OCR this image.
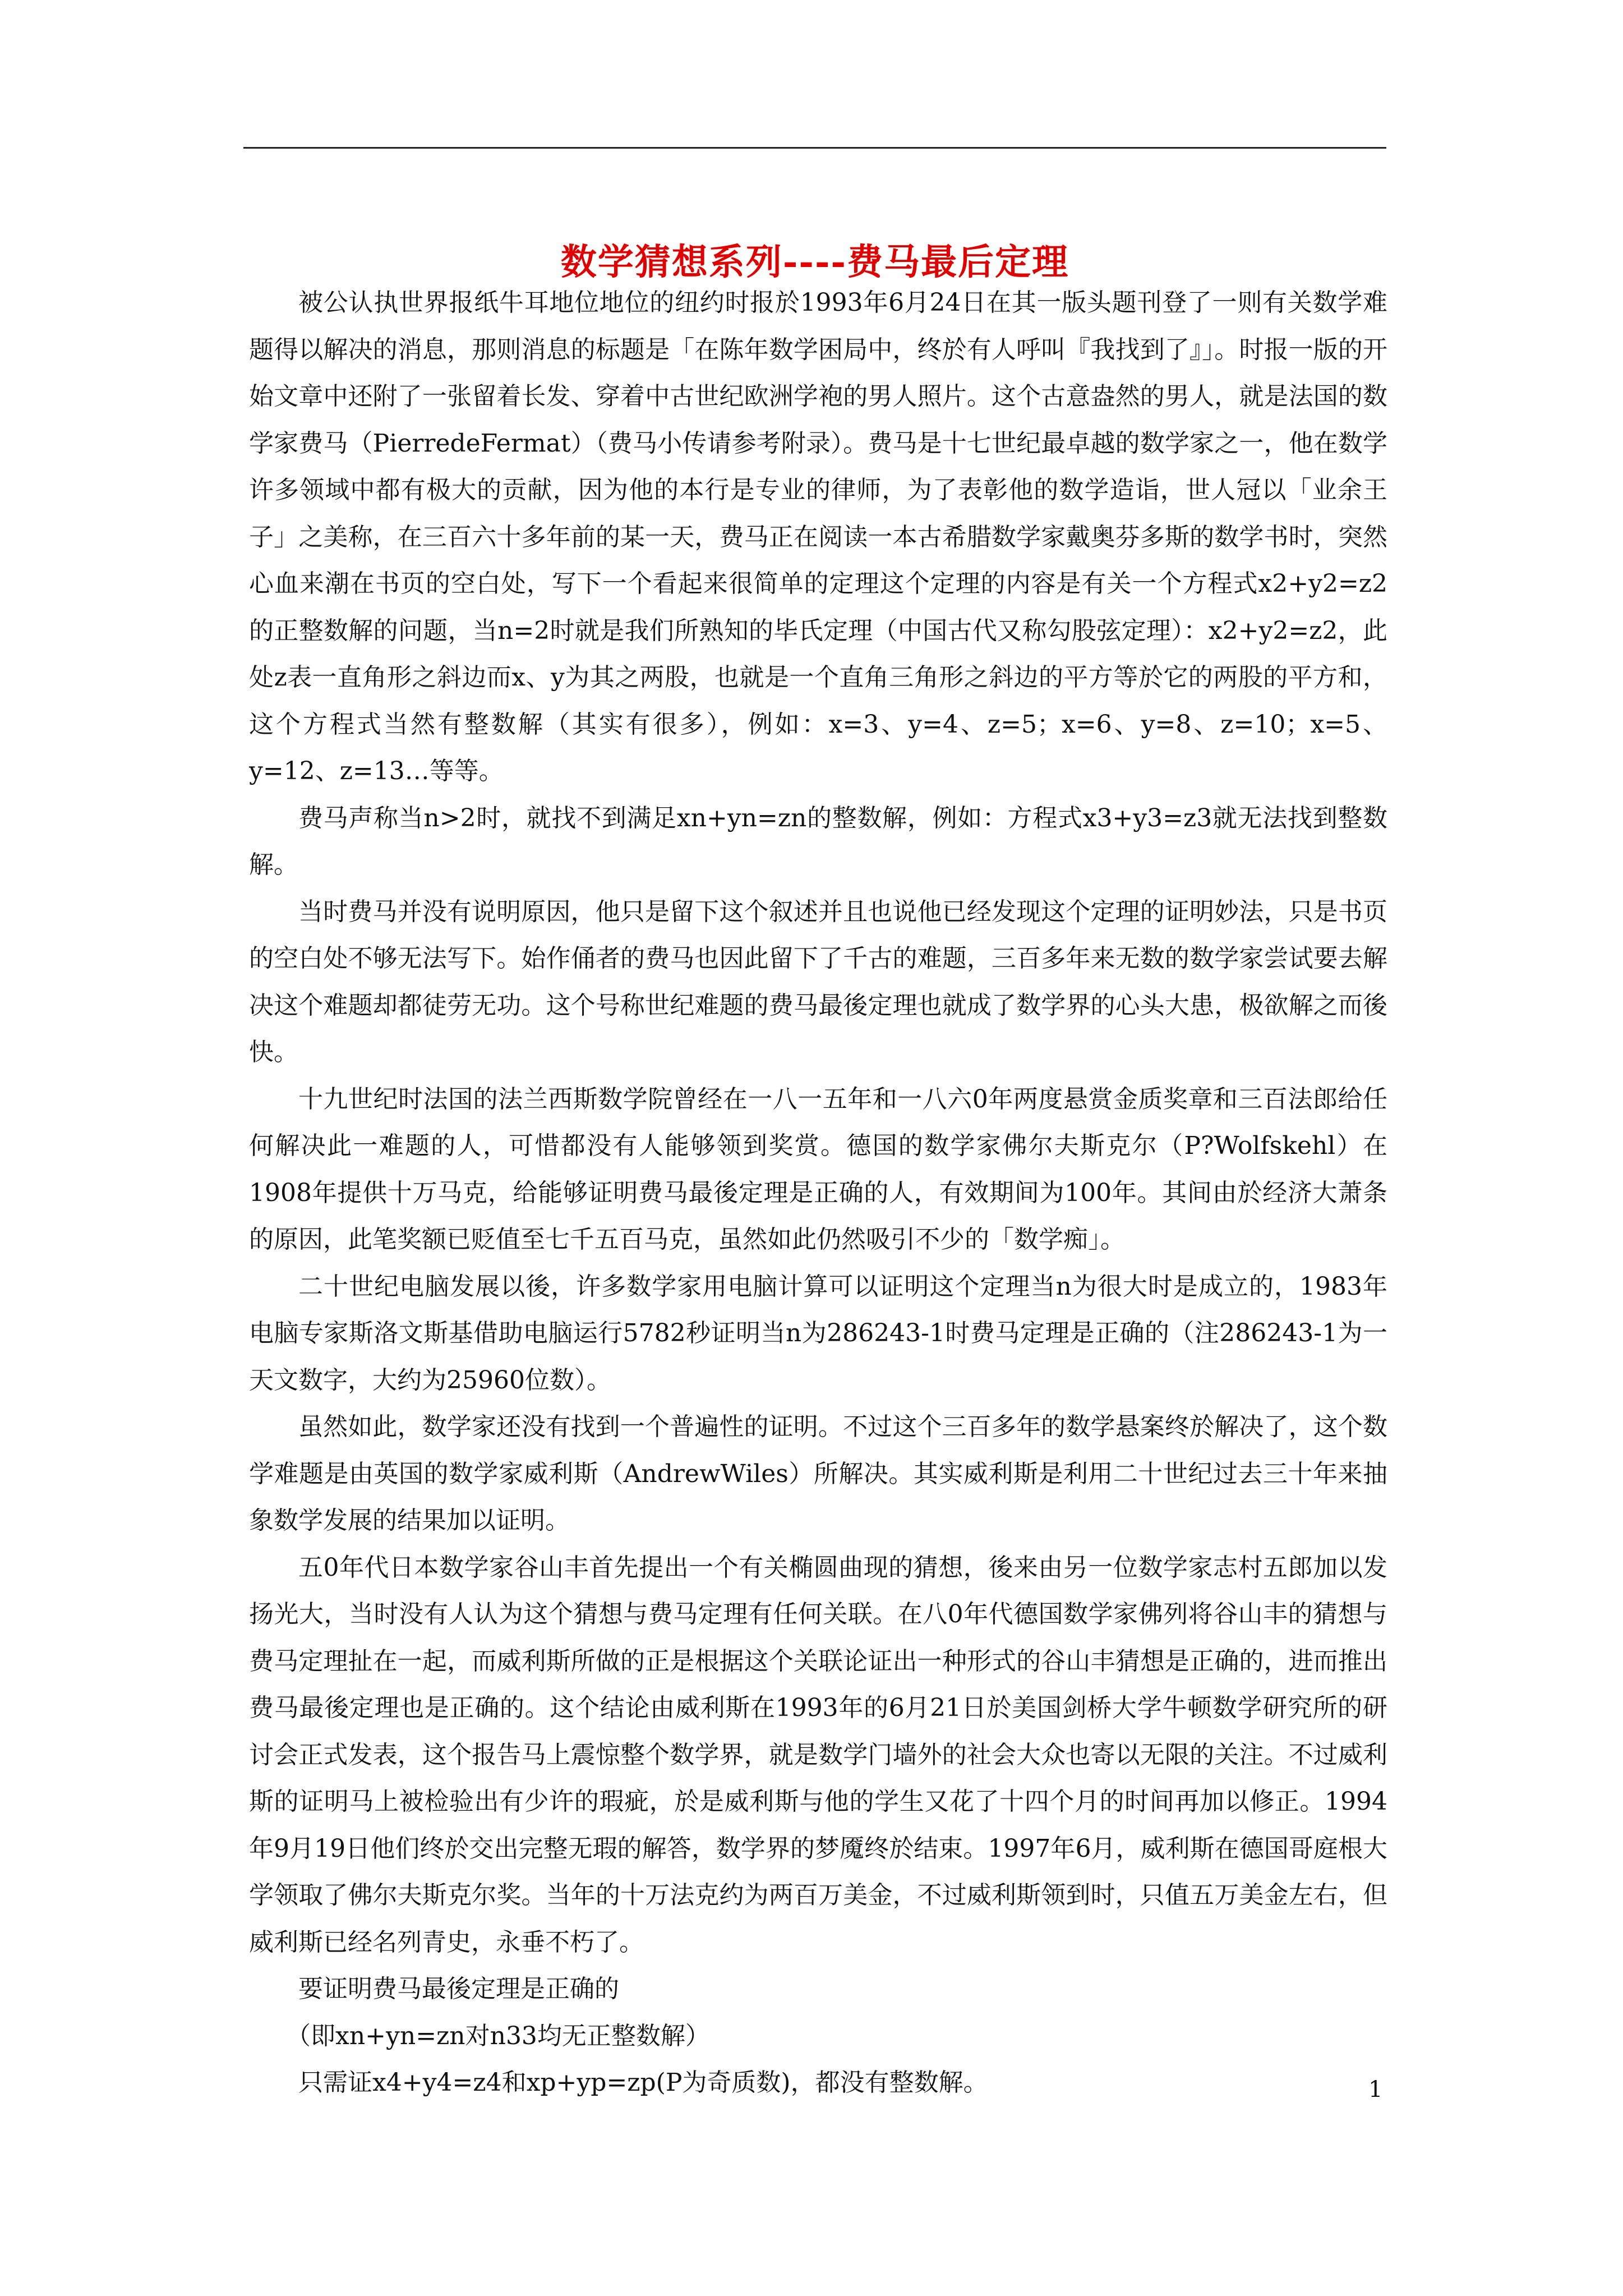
数学猜想系列----费马最后定理

被公认执世界报纸牛耳地位地位的纽约时报於1993年6月24日在其一版头题刊登了一则有关数学难题得以解决的消息，那则消息的标题是「在陈年数学困局中，终於有人呼叫『我找到了』」。时报一版的开始文章中还附了一张留着长发、穿着中古世纪欧洲学袍的男人照片。这个古意盎然的男人，就是法国的数学家费马（PierredeFermat）（费马小传请参考附录）。费马是十七世纪最卓越的数学家之一，他在数学许多领域中都有极大的贡献，因为他的本行是专业的律师，为了表彰他的数学造诣，世人冠以「业余王子」之美称，在三百六十多年前的某一天，费马正在阅读一本古希腊数学家戴奥芬多斯的数学书时，突然心血来潮在书页的空白处，写下一个看起来很简单的定理这个定理的内容是有关一个方程式x2+y2=z2的正整数解的问题，当n=2时就是我们所熟知的毕氏定理（中国古代又称勾股弦定理）：x2+y2=z2，此处z表一直角形之斜边而x、y为其之两股，也就是一个直角三角形之斜边的平方等於它的两股的平方和，这个方程式当然有整数解（其实有很多），例如：x=3、y=4、z=5；x=6、y=8、z=10；x=5、y=12、z=13…等等。

费马声称当n>2时，就找不到满足xn+yn=zn的整数解，例如：方程式x3+y3=z3就无法找到整数解。

当时费马并没有说明原因，他只是留下这个叙述并且也说他已经发现这个定理的证明妙法，只是书页的空白处不够无法写下。始作俑者的费马也因此留下了千古的难题，三百多年来无数的数学家尝试要去解决这个难题却都徒劳无功。这个号称世纪难题的费马最後定理也就成了数学界的心头大患，极欲解之而後快。

十九世纪时法国的法兰西斯数学院曾经在一八一五年和一八六0年两度悬赏金质奖章和三百法郎给任何解决此一难题的人，可惜都没有人能够领到奖赏。德国的数学家佛尔夫斯克尔（P?Wolfskehl）在1908年提供十万马克，给能够证明费马最後定理是正确的人，有效期间为100年。其间由於经济大萧条的原因，此笔奖额已贬值至七千五百马克，虽然如此仍然吸引不少的「数学痴」。

二十世纪电脑发展以後，许多数学家用电脑计算可以证明这个定理当n为很大时是成立的，1983年电脑专家斯洛文斯基借助电脑运行5782秒证明当n为286243-1时费马定理是正确的（注286243-1为一天文数字，大约为25960位数）。

虽然如此，数学家还没有找到一个普遍性的证明。不过这个三百多年的数学悬案终於解决了，这个数学难题是由英国的数学家威利斯（AndrewWiles）所解决。其实威利斯是利用二十世纪过去三十年来抽象数学发展的结果加以证明。

五0年代日本数学家谷山丰首先提出一个有关椭圆曲现的猜想，後来由另一位数学家志村五郎加以发扬光大，当时没有人认为这个猜想与费马定理有任何关联。在八0年代德国数学家佛列将谷山丰的猜想与费马定理扯在一起，而威利斯所做的正是根据这个关联论证出一种形式的谷山丰猜想是正确的，进而推出费马最後定理也是正确的。这个结论由威利斯在1993年的6月21日於美国剑桥大学牛顿数学研究所的研讨会正式发表，这个报告马上震惊整个数学界，就是数学门墙外的社会大众也寄以无限的关注。不过威利斯的证明马上被检验出有少许的瑕疵，於是威利斯与他的学生又花了十四个月的时间再加以修正。1994年9月19日他们终於交出完整无瑕的解答，数学界的梦魇终於结束。1997年6月，威利斯在德国哥庭根大学领取了佛尔夫斯克尔奖。当年的十万法克约为两百万美金，不过威利斯领到时，只值五万美金左右，但威利斯已经名列青史，永垂不朽了。

要证明费马最後定理是正确的

（即xn+yn=zn对n33均无正整数解）

只需证x4+y4=z4和xp+yp=zp(P为奇质数)，都没有整数解。	1
